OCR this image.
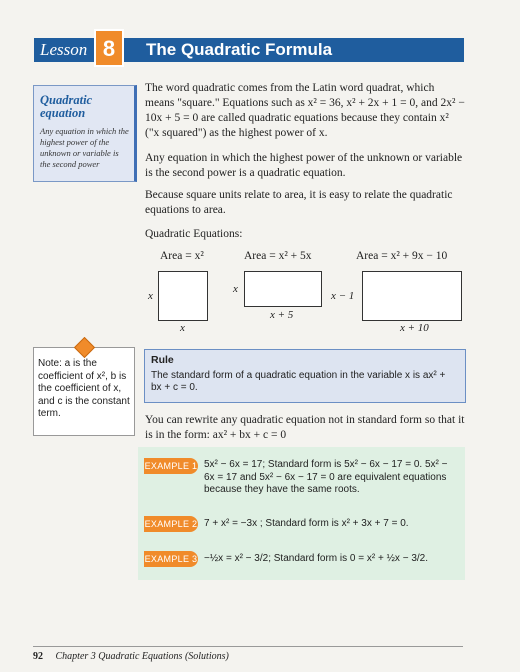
Lesson 8	The Quadratic Formula
Quadratic equation
Any equation in which the highest power of the unknown or variable is the second power
The word quadratic comes from the Latin word quadrat, which means "square." Equations such as x² = 36, x² + 2x + 1 = 0, and 2x² − 10x + 5 = 0 are called quadratic equations because they contain x² ("x squared") as the highest power of x.
Any equation in which the highest power of the unknown or variable is the second power is a quadratic equation.
Because square units relate to area, it is easy to relate the quadratic equations to area.
Quadratic Equations:
Area = x²	Area = x² + 5x	Area = x² + 9x − 10
x
x
x
x + 5
x − 1
x + 10
Note: a is the coefficient of x², b is the coefficient of x, and c is the constant term.
Rule
The standard form of a quadratic equation in the variable x is ax² + bx + c = 0.
You can rewrite any quadratic equation not in standard form so that it is in the form: ax² + bx + c = 0
EXAMPLE 1 5x² − 6x = 17; Standard form is 5x² − 6x − 17 = 0. 5x² − 6x = 17 and 5x² − 6x − 17 = 0 are equivalent equations because they have the same roots.
EXAMPLE 2 7 + x² = −3x ; Standard form is x² + 3x + 7 = 0.
EXAMPLE 3 −½x = x² − 3/2; Standard form is 0 = x² + ½x − 3/2.
92 Chapter 3 Quadratic Equations (Solutions)
